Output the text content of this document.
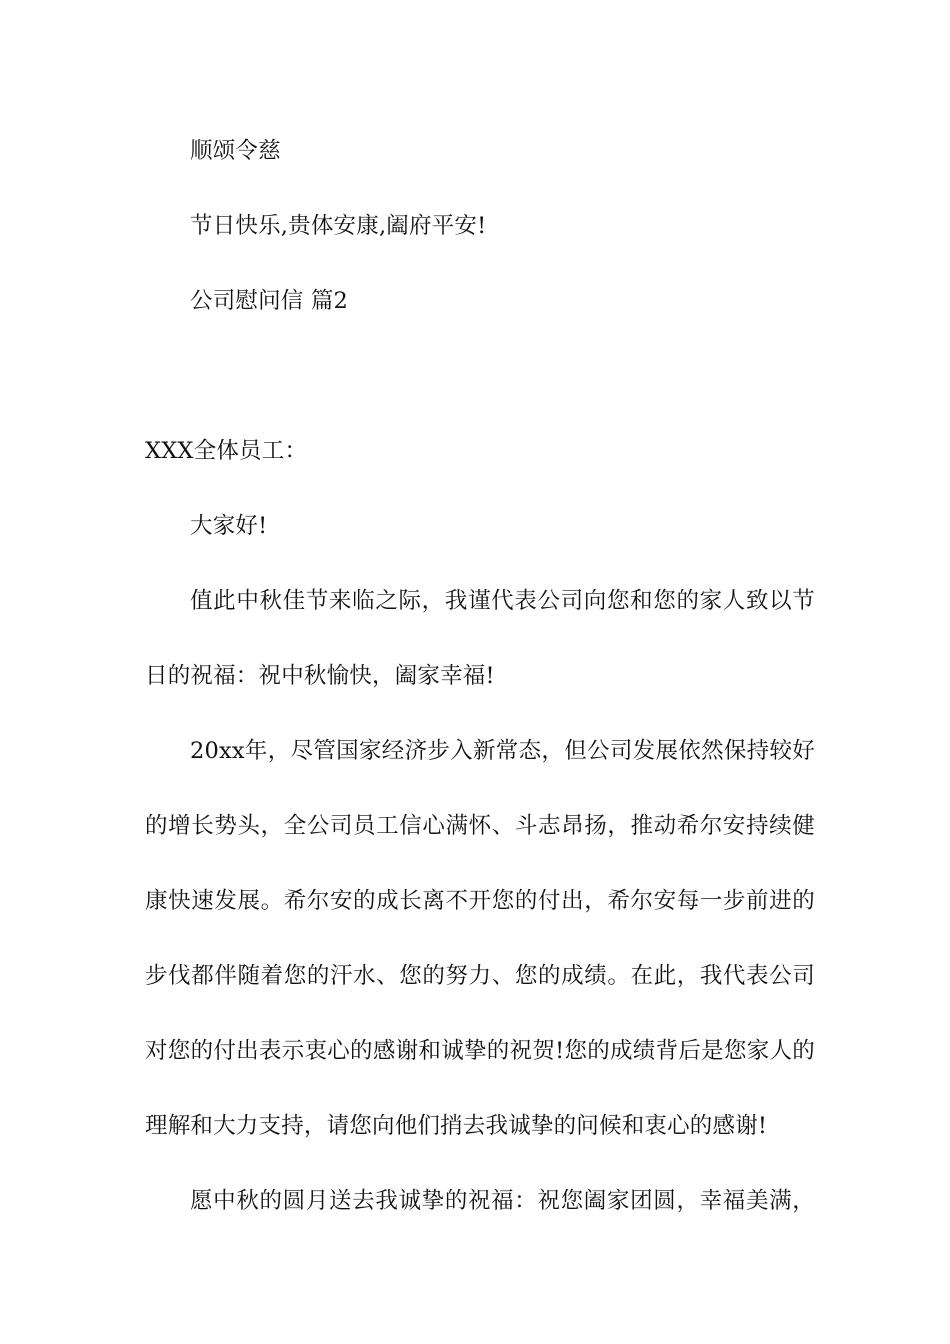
顺颂令慈
节日快乐,贵体安康,阖府平安!
公司慰问信 篇2
XXX全体员工：
大家好!
值此中秋佳节来临之际，我谨代表公司向您和您的家人致以节
日的祝福：祝中秋愉快，阖家幸福!
20xx年，尽管国家经济步入新常态，但公司发展依然保持较好
的增长势头，全公司员工信心满怀、斗志昂扬，推动希尔安持续健
康快速发展。希尔安的成长离不开您的付出，希尔安每一步前进的
步伐都伴随着您的汗水、您的努力、您的成绩。在此，我代表公司
对您的付出表示衷心的感谢和诚挚的祝贺!您的成绩背后是您家人的
理解和大力支持，请您向他们捎去我诚挚的问候和衷心的感谢!
愿中秋的圆月送去我诚挚的祝福：祝您阖家团圆，幸福美满，
